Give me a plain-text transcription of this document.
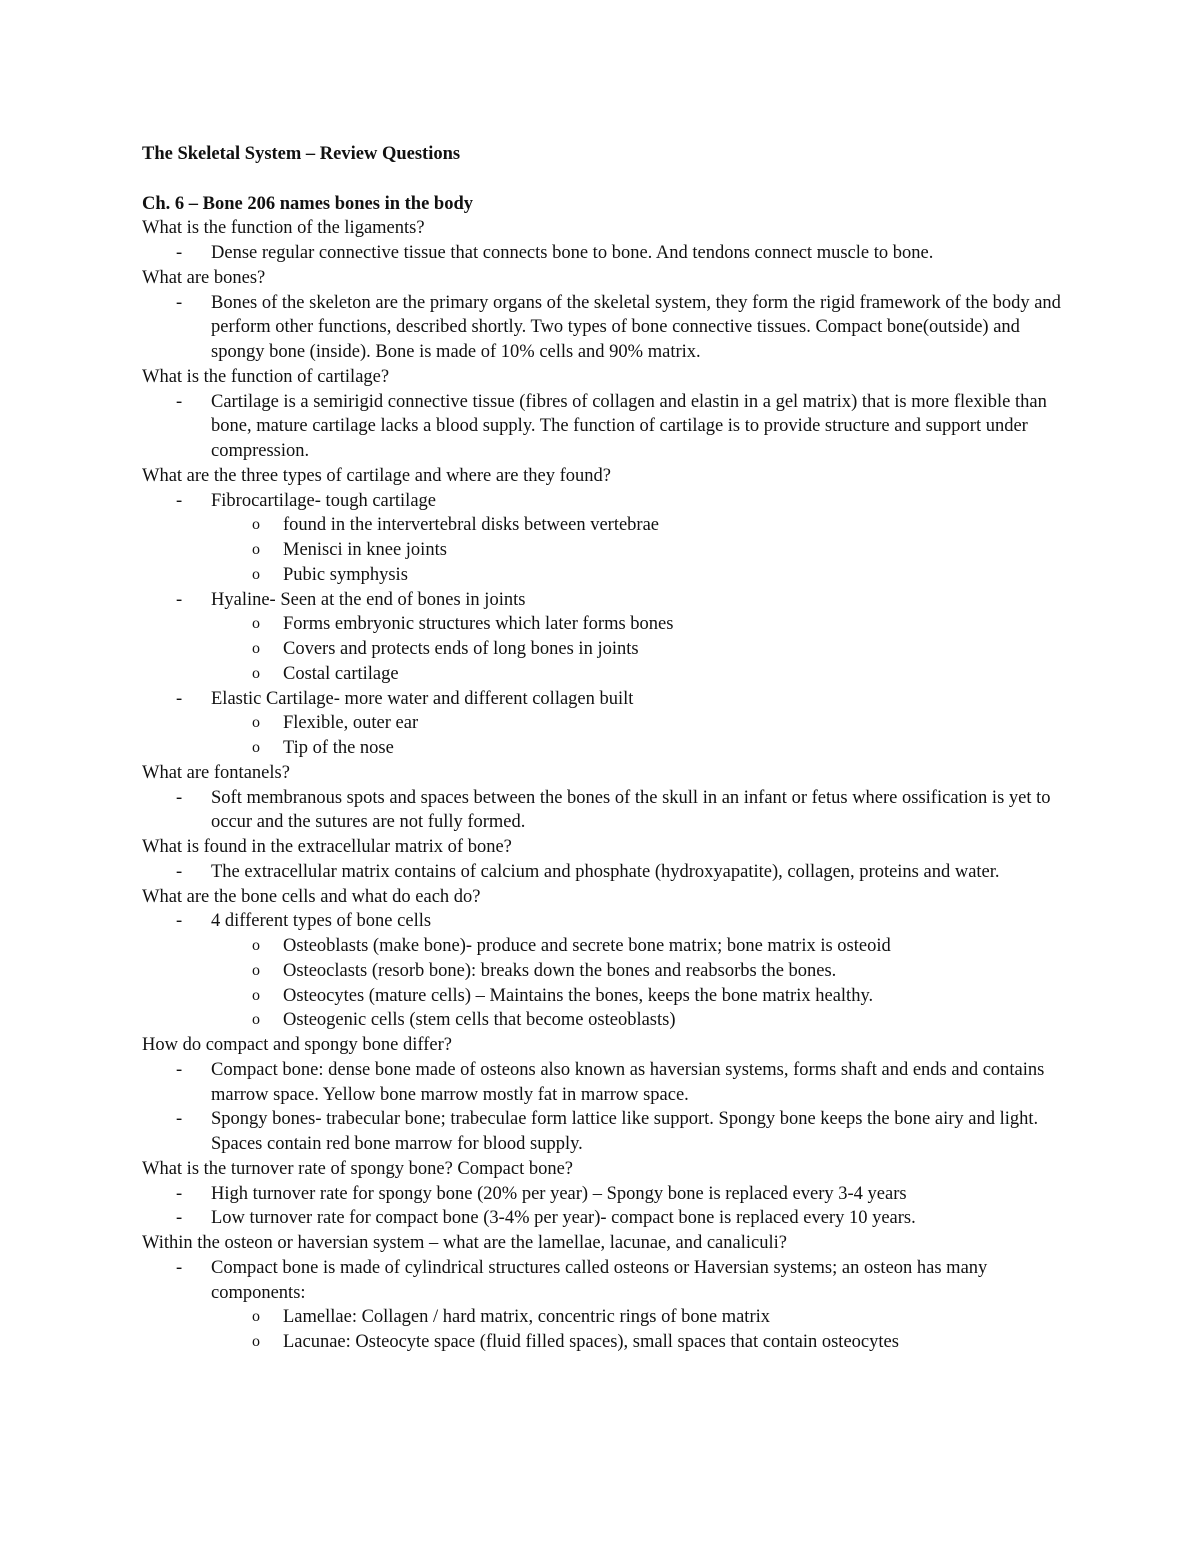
The Skeletal System – Review Questions

Ch. 6 – Bone 206 names bones in the body

What is the function of the ligaments?

- Dense regular connective tissue that connects bone to bone. And tendons connect muscle to bone.

What are bones?

- Bones of the skeleton are the primary organs of the skeletal system, they form the rigid framework of the body and perform other functions, described shortly. Two types of bone connective tissues. Compact bone(outside) and spongy bone (inside). Bone is made of 10% cells and 90% matrix.

What is the function of cartilage?

- Cartilage is a semirigid connective tissue (fibres of collagen and elastin in a gel matrix) that is more flexible than bone, mature cartilage lacks a blood supply. The function of cartilage is to provide structure and support under compression.

What are the three types of cartilage and where are they found?

- Fibrocartilage- tough cartilage
o found in the intervertebral disks between vertebrae
o Menisci in knee joints
o Pubic symphysis
- Hyaline- Seen at the end of bones in joints
o Forms embryonic structures which later forms bones
o Covers and protects ends of long bones in joints
o Costal cartilage
- Elastic Cartilage- more water and different collagen built
o Flexible, outer ear
o Tip of the nose

What are fontanels?

- Soft membranous spots and spaces between the bones of the skull in an infant or fetus where ossification is yet to occur and the sutures are not fully formed.

What is found in the extracellular matrix of bone?

- The extracellular matrix contains of calcium and phosphate (hydroxyapatite), collagen, proteins and water.

What are the bone cells and what do each do?

- 4 different types of bone cells
o Osteoblasts (make bone)- produce and secrete bone matrix; bone matrix is osteoid
o Osteoclasts (resorb bone): breaks down the bones and reabsorbs the bones.
o Osteocytes (mature cells) – Maintains the bones, keeps the bone matrix healthy.
o Osteogenic cells (stem cells that become osteoblasts)

How do compact and spongy bone differ?

- Compact bone: dense bone made of osteons also known as haversian systems, forms shaft and ends and contains marrow space. Yellow bone marrow mostly fat in marrow space.
- Spongy bones- trabecular bone; trabeculae form lattice like support. Spongy bone keeps the bone airy and light. Spaces contain red bone marrow for blood supply.

What is the turnover rate of spongy bone? Compact bone?

- High turnover rate for spongy bone (20% per year) – Spongy bone is replaced every 3-4 years
- Low turnover rate for compact bone (3-4% per year)- compact bone is replaced every 10 years.

Within the osteon or haversian system – what are the lamellae, lacunae, and canaliculi?

- Compact bone is made of cylindrical structures called osteons or Haversian systems; an osteon has many components:
o Lamellae: Collagen / hard matrix, concentric rings of bone matrix
o Lacunae: Osteocyte space (fluid filled spaces), small spaces that contain osteocytes
